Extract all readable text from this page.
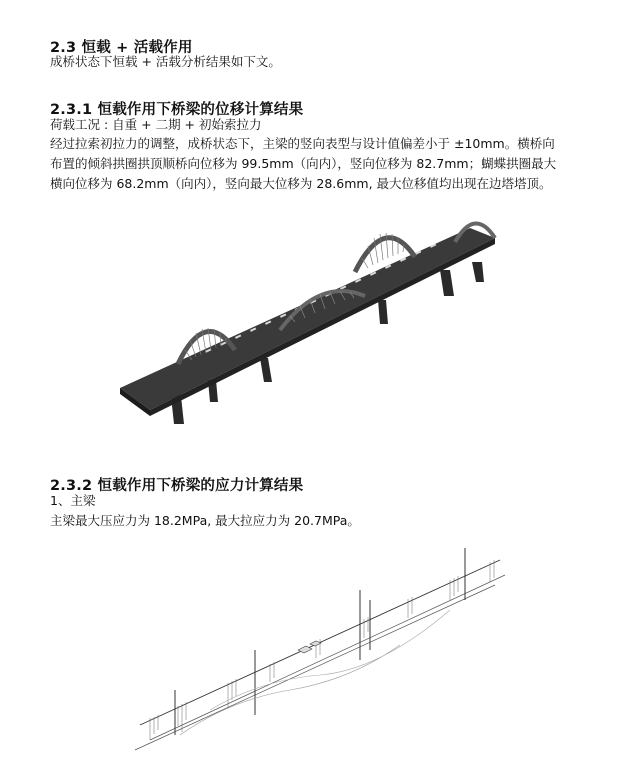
2.3 恒载 + 活载作用
成桥状态下恒载 + 活载分析结果如下文。
2.3.1 恒载作用下桥梁的位移计算结果
荷载工况 : 自重 + 二期 + 初始索拉力
经过拉索初拉力的调整，成桥状态下，主梁的竖向表型与设计值偏差小于 ±10mm。横桥向
布置的倾斜拱圈拱顶顺桥向位移为 99.5mm（向内），竖向位移为 82.7mm；蝴蝶拱圈最大
横向位移为 68.2mm（向内），竖向最大位移为 28.6mm, 最大位移值均出现在边塔塔顶。
2.3.2 恒载作用下桥梁的应力计算结果
1、主梁
主梁最大压应力为 18.2MPa, 最大拉应力为 20.7MPa。
